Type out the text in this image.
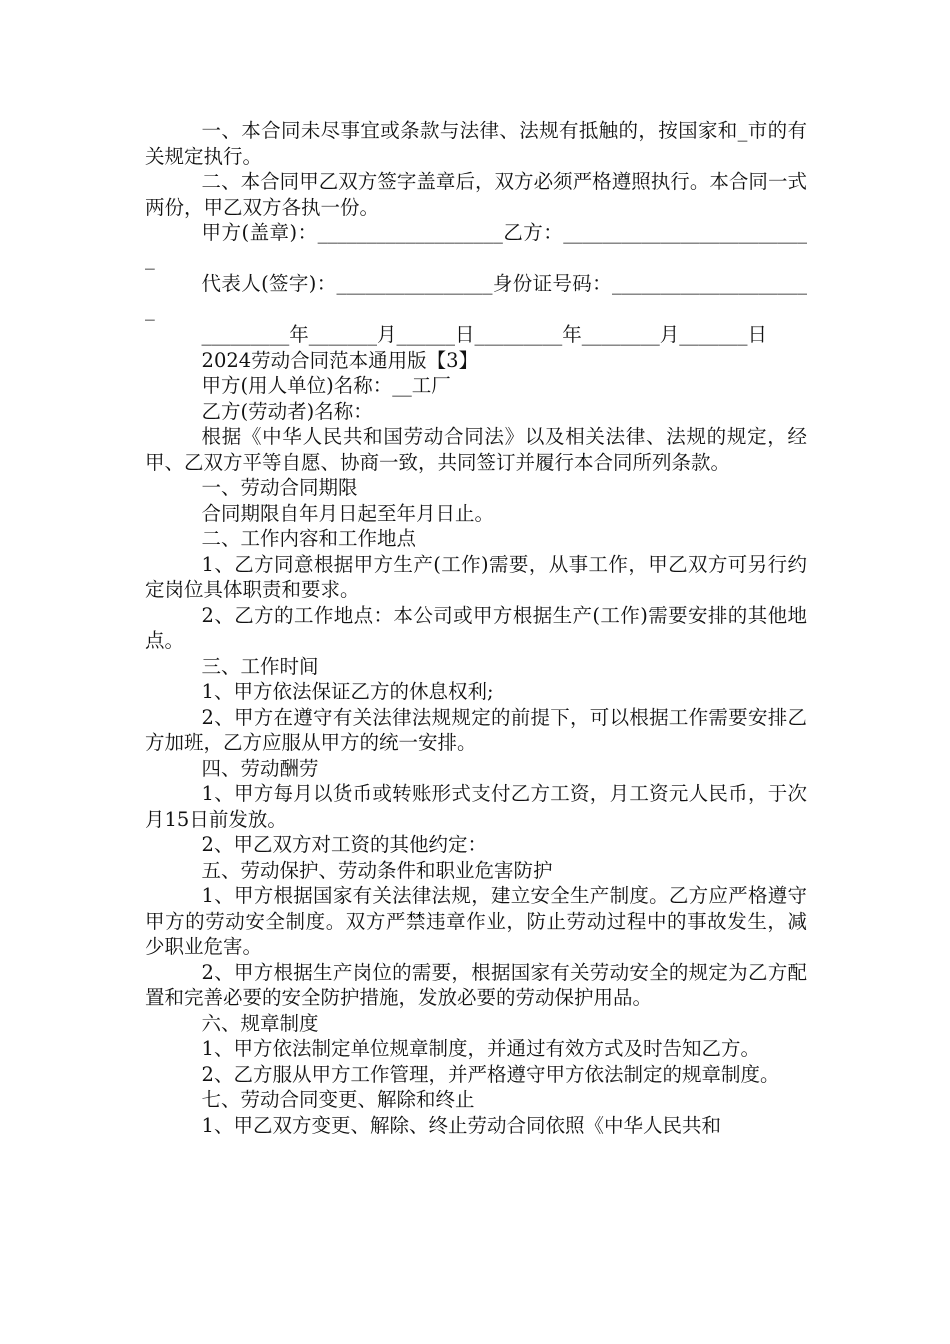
一、本合同未尽事宜或条款与法律、法规有抵触的，按国家和_市的有关规定执行。

二、本合同甲乙双方签字盖章后，双方必须严格遵照执行。本合同一式两份，甲乙双方各执一份。

甲方(盖章)：___________________乙方：__________________________

代表人(签字)：________________身份证号码：_____________________

_________年_______月______日_________年________月_______日

2024劳动合同范本通用版【3】

甲方(用人单位)名称：__工厂

乙方(劳动者)名称：

根据《中华人民共和国劳动合同法》以及相关法律、法规的规定，经甲、乙双方平等自愿、协商一致，共同签订并履行本合同所列条款。

一、劳动合同期限

合同期限自年月日起至年月日止。

二、工作内容和工作地点

1、乙方同意根据甲方生产(工作)需要，从事工作，甲乙双方可另行约定岗位具体职责和要求。

2、乙方的工作地点：本公司或甲方根据生产(工作)需要安排的其他地点。

三、工作时间

1、甲方依法保证乙方的休息权利;

2、甲方在遵守有关法律法规规定的前提下，可以根据工作需要安排乙方加班，乙方应服从甲方的统一安排。

四、劳动酬劳

1、甲方每月以货币或转账形式支付乙方工资，月工资元人民币，于次月15日前发放。

2、甲乙双方对工资的其他约定：

五、劳动保护、劳动条件和职业危害防护

1、甲方根据国家有关法律法规，建立安全生产制度。乙方应严格遵守甲方的劳动安全制度。双方严禁违章作业，防止劳动过程中的事故发生，减少职业危害。

2、甲方根据生产岗位的需要，根据国家有关劳动安全的规定为乙方配置和完善必要的安全防护措施，发放必要的劳动保护用品。

六、规章制度

1、甲方依法制定单位规章制度，并通过有效方式及时告知乙方。

2、乙方服从甲方工作管理，并严格遵守甲方依法制定的规章制度。

七、劳动合同变更、解除和终止

1、甲乙双方变更、解除、终止劳动合同依照《中华人民共和
